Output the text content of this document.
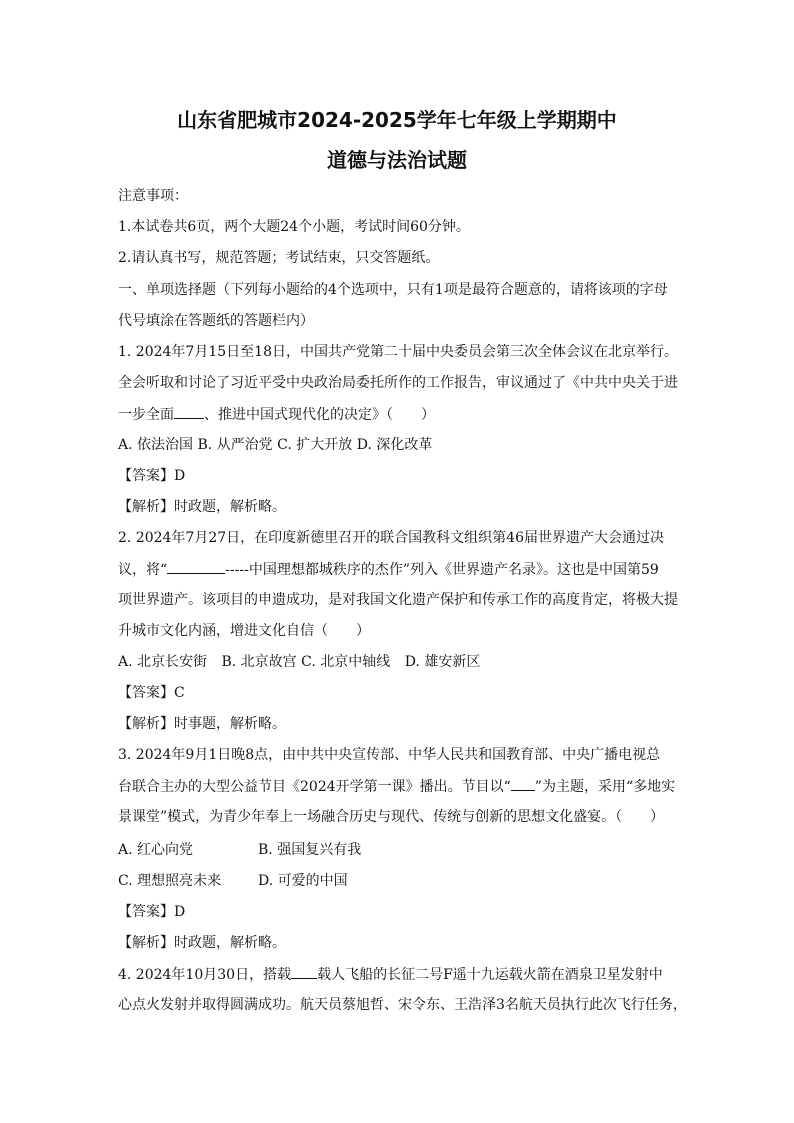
山东省肥城市2024-2025学年七年级上学期期中
道德与法治试题
注意事项：
1.本试卷共6页，两个大题24个小题，考试时间60分钟。
2.请认真书写，规范答题；考试结束，只交答题纸。
一、单项选择题（下列每小题给的4个选项中，只有1项是最符合题意的，请将该项的字母
代号填涂在答题纸的答题栏内）
1. 2024年7月15日至18日，中国共产党第二十届中央委员会第三次全体会议在北京举行。
全会听取和讨论了习近平受中央政治局委托所作的工作报告，审议通过了《中共中央关于进
一步全面 、推进中国式现代化的决定》（　　）
A. 依法治国 B. 从严治党 C. 扩大开放 D. 深化改革
【答案】D
【解析】时政题，解析略。
2. 2024年7月27日，在印度新德里召开的联合国教科文组织第46届世界遗产大会通过决
议，将“	-----中国理想都城秩序的杰作”列入《世界遗产名录》。这也是中国第59
项世界遗产。该项目的申遗成功，是对我国文化遗产保护和传承工作的高度肯定，将极大提
升城市文化内涵，增进文化自信（　　）
A. 北京长安街 B. 北京故宫 C. 北京中轴线 D. 雄安新区
【答案】C
【解析】时事题，解析略。
3. 2024年9月1日晚8点，由中共中央宣传部、中华人民共和国教育部、中央广播电视总
台联合主办的大型公益节目《2024开学第一课》播出。节目以“ ”为主题，采用“多地实
景课堂”模式，为青少年奉上一场融合历史与现代、传统与创新的思想文化盛宴。（　　）
A. 红心向党	B. 强国复兴有我
C. 理想照亮未来	D. 可爱的中国
【答案】D
【解析】时政题，解析略。
4. 2024年10月30日，搭载 载人飞船的长征二号F遥十九运载火箭在酒泉卫星发射中
心点火发射并取得圆满成功。航天员蔡旭哲、宋令东、王浩泽3名航天员执行此次飞行任务，
